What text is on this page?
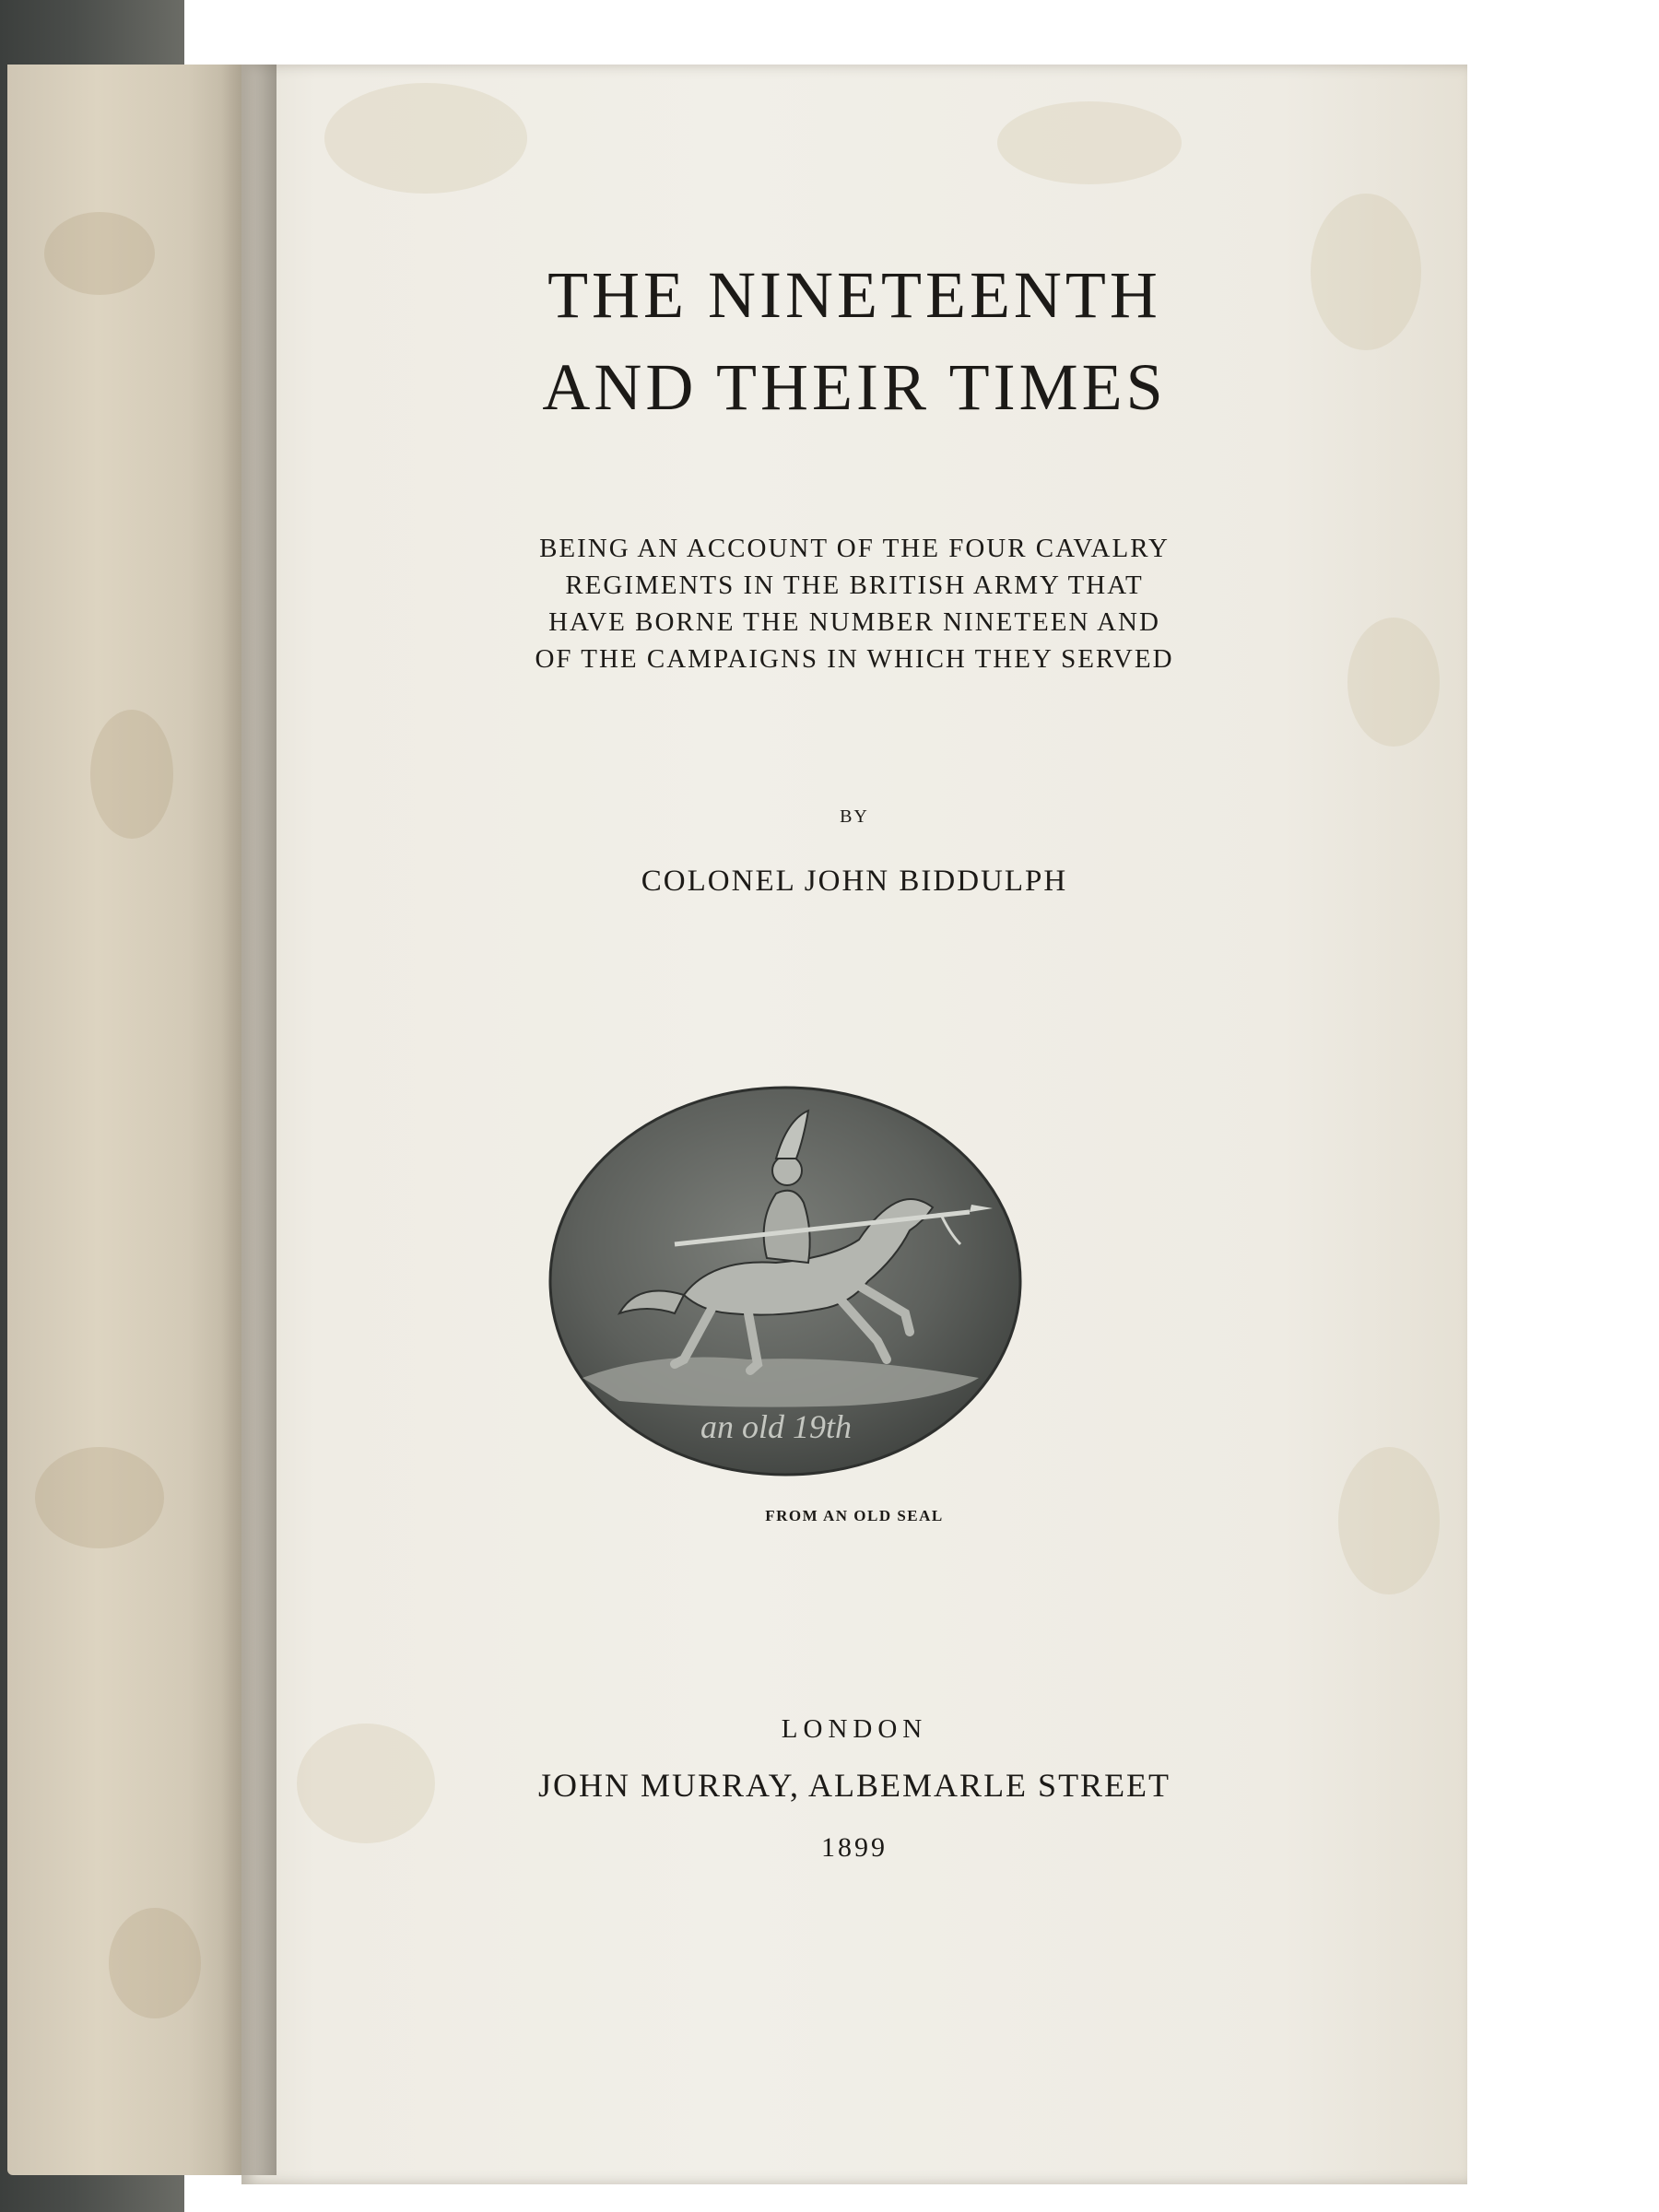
THE NINETEENTH
AND THEIR TIMES
BEING AN ACCOUNT OF THE FOUR CAVALRY
REGIMENTS IN THE BRITISH ARMY THAT
HAVE BORNE THE NUMBER NINETEEN AND
OF THE CAMPAIGNS IN WHICH THEY SERVED
BY
COLONEL JOHN BIDDULPH
an old 19th
FROM AN OLD SEAL
LONDON
JOHN MURRAY, ALBEMARLE STREET
1899
